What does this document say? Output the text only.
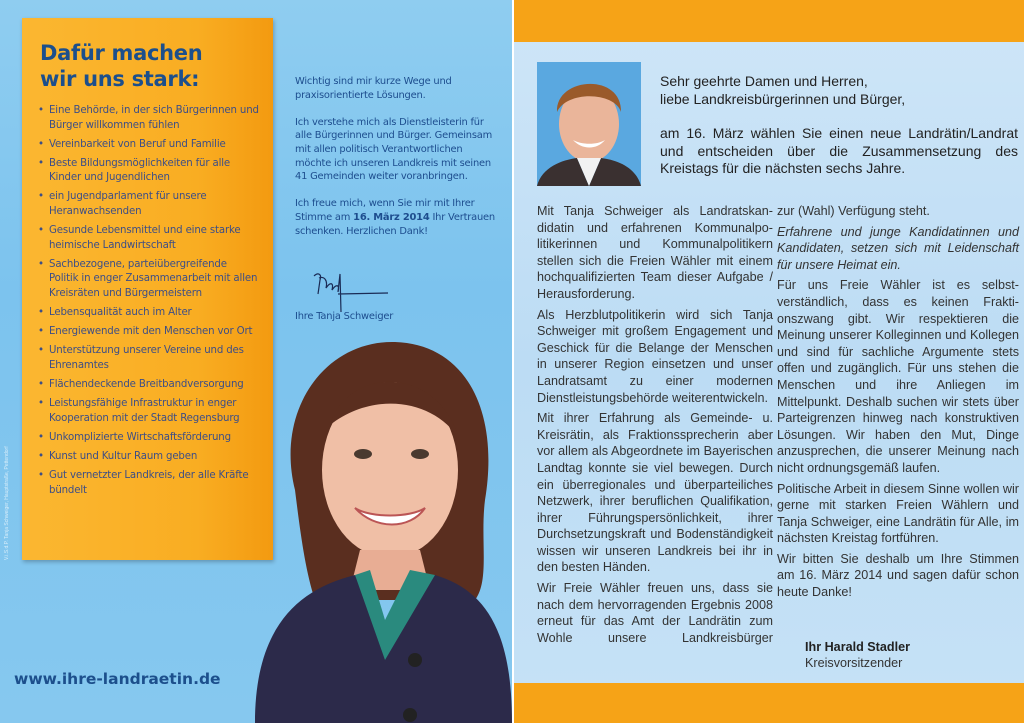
Dafür machen
wir uns stark:
• Eine Behörde, in der sich Bürgerinnen und Bürger willkommen fühlen
• Vereinbarkeit von Beruf und Familie
• Beste Bildungsmöglichkeiten für alle Kinder und Jugendlichen
• ein Jugendparlament für unsere Heranwachsenden
• Gesunde Lebensmittel und eine starke heimische Landwirtschaft
• Sachbezogene, parteiübergreifende Politik in enger Zusammenarbeit mit allen Kreisräten und Bürgermeistern
• Lebensqualität auch im Alter
• Energiewende mit den Menschen vor Ort
• Unterstützung unserer Vereine und des Ehrenamtes
• Flächendeckende Breitbandversorgung
• Leistungsfähige Infrastruktur in enger Kooperation mit der Stadt Regensburg
• Unkomplizierte Wirtschaftsförderung
• Kunst und Kultur Raum geben
• Gut vernetzter Landkreis, der alle Kräfte bündelt

Wichtig sind mir kurze Wege und praxisorientierte Lösungen.

Ich verstehe mich als Dienstleisterin für alle Bürgerinnen und Bürger. Gemeinsam mit allen politisch Verantwortlichen möchte ich unseren Landkreis mit seinen 41 Gemeinden weiter voranbringen.

Ich freue mich, wenn Sie mir mit Ihrer Stimme am 16. März 2014 Ihr Vertrauen schenken. Herzlichen Dank!

Ihre Tanja Schweiger
V.i.S.d.P. Tanja Schweiger, Hauptstraße, Pettendorf
www.ihre-landraetin.de

Sehr geehrte Damen und Herren,
liebe Landkreisbürgerinnen und Bürger,

am 16. März wählen Sie einen neue Landrätin/Landrat und entscheiden über die Zusammensetzung des Kreistags für die nächsten sechs Jahre.

Mit Tanja Schweiger als Landratskandidatin und erfahrenen Kommunalpolitikerinnen und Kommunalpolitikern stellen sich die Freien Wähler mit einem hochqualifizierten Team dieser Aufgabe / Herausforderung.

Als Herzblutpolitikerin wird sich Tanja Schweiger mit großem Engagement und Geschick für die Belange der Menschen in unserer Region einsetzen und unser Landratsamt zu einer modernen Dienstleistungsbehörde weiterentwickeln.

Mit ihrer Erfahrung als Gemeinde- u. Kreisrätin, als Fraktionssprecherin aber vor allem als Abgeordnete im Bayerischen Landtag konnte sie viel bewegen. Durch ein überregionales und überparteiliches Netzwerk, ihrer beruflichen Qualifikation, ihrer Führungspersönlichkeit, ihrer Durchsetzungskraft und Bodenständigkeit wissen wir unseren Landkreis bei ihr in den besten Händen.

Wir Freie Wähler freuen uns, dass sie nach dem hervorragenden Ergebnis 2008 erneut für das Amt der Landrätin zum Wohle unsere Landkreisbürger

zur (Wahl) Verfügung steht.

Erfahrene und junge Kandidatinnen und Kandidaten, setzen sich mit Leidenschaft für unsere Heimat ein.

Für uns Freie Wähler ist es selbstverständlich, dass es keinen Fraktionszwang gibt. Wir respektieren die Meinung unserer Kolleginnen und Kollegen und sind für sachliche Argumente stets offen und zugänglich. Für uns stehen die Menschen und ihre Anliegen im Mittelpunkt. Deshalb suchen wir stets über Parteigrenzen hinweg nach konstruktiven Lösungen. Wir haben den Mut, Dinge anzusprechen, die unserer Meinung nach nicht ordnungsgemäß laufen.

Politische Arbeit in diesem Sinne wollen wir gerne mit starken Freien Wählern und Tanja Schweiger, eine Landrätin für Alle, im nächsten Kreistag fortführen.

Wir bitten Sie deshalb um Ihre Stimmen am 16. März 2014 und sagen dafür schon heute Danke!

Ihr Harald Stadler
Kreisvorsitzender
